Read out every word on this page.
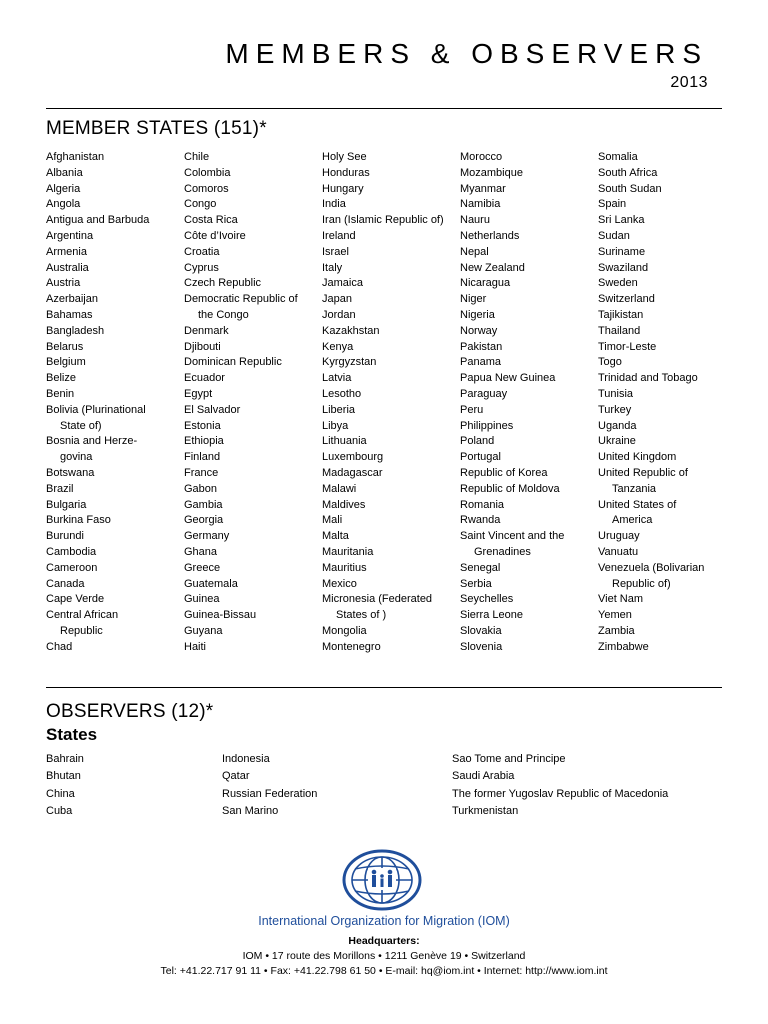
MEMBERS & OBSERVERS
2013
MEMBER STATES (151)*
Afghanistan
Albania
Algeria
Angola
Antigua and Barbuda
Argentina
Armenia
Australia
Austria
Azerbaijan
Bahamas
Bangladesh
Belarus
Belgium
Belize
Benin
Bolivia (Plurinational
State of)
Bosnia and Herze-
govina
Botswana
Brazil
Bulgaria
Burkina Faso
Burundi
Cambodia
Cameroon
Canada
Cape Verde
Central African
Republic
Chad
Chile
Colombia
Comoros
Congo
Costa Rica
Côte d’Ivoire
Croatia
Cyprus
Czech Republic
Democratic Republic of
the Congo
Denmark
Djibouti
Dominican Republic
Ecuador
Egypt
El Salvador
Estonia
Ethiopia
Finland
France
Gabon
Gambia
Georgia
Germany
Ghana
Greece
Guatemala
Guinea
Guinea-Bissau
Guyana
Haiti
Holy See
Honduras
Hungary
India
Iran (Islamic Republic of)
Ireland
Israel
Italy
Jamaica
Japan
Jordan
Kazakhstan
Kenya
Kyrgyzstan
Latvia
Lesotho
Liberia
Libya
Lithuania
Luxembourg
Madagascar
Malawi
Maldives
Mali
Malta
Mauritania
Mauritius
Mexico
Micronesia (Federated
States of )
Mongolia
Montenegro
Morocco
Mozambique
Myanmar
Namibia
Nauru
Netherlands
Nepal
New Zealand
Nicaragua
Niger
Nigeria
Norway
Pakistan
Panama
Papua New Guinea
Paraguay
Peru
Philippines
Poland
Portugal
Republic of Korea
Republic of Moldova
Romania
Rwanda
Saint Vincent and the
Grenadines
Senegal
Serbia
Seychelles
Sierra Leone
Slovakia
Slovenia
Somalia
South Africa
South Sudan
Spain
Sri Lanka
Sudan
Suriname
Swaziland
Sweden
Switzerland
Tajikistan
Thailand
Timor-Leste
Togo
Trinidad and Tobago
Tunisia
Turkey
Uganda
Ukraine
United Kingdom
United Republic of
Tanzania
United States of
America
Uruguay
Vanuatu
Venezuela (Bolivarian
Republic of)
Viet Nam
Yemen
Zambia
Zimbabwe
OBSERVERS (12)*
States
Bahrain
Bhutan
China
Cuba
Indonesia
Qatar
Russian Federation
San Marino
Sao Tome and Principe
Saudi Arabia
The former Yugoslav Republic of Macedonia
Turkmenistan
International Organization for Migration (IOM)
Headquarters:
IOM • 17 route des Morillons • 1211 Genève 19 • Switzerland
Tel: +41.22.717 91 11 • Fax: +41.22.798 61 50 • E-mail: hq@iom.int • Internet: http://www.iom.int
